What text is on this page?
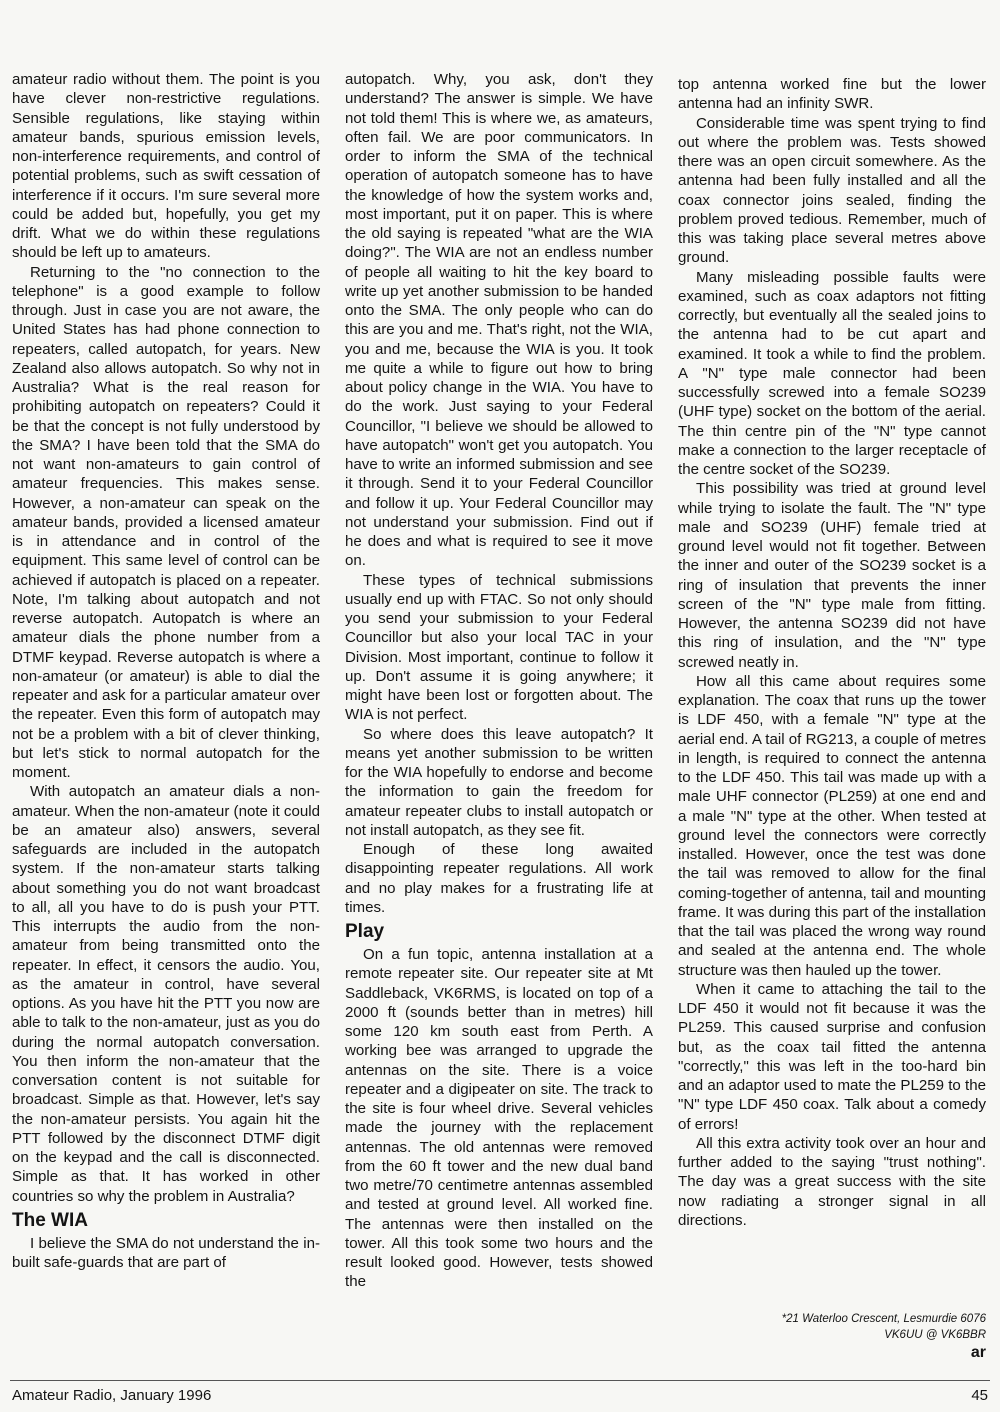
amateur radio without them. The point is you have clever non-restrictive regulations. Sensible regulations, like staying within amateur bands, spurious emission levels, non-interference requirements, and control of potential problems, such as swift cessation of interference if it occurs. I'm sure several more could be added but, hopefully, you get my drift. What we do within these regulations should be left up to amateurs.

Returning to the "no connection to the telephone" is a good example to follow through. Just in case you are not aware, the United States has had phone connection to repeaters, called autopatch, for years. New Zealand also allows autopatch. So why not in Australia? What is the real reason for prohibiting autopatch on repeaters? Could it be that the concept is not fully understood by the SMA? I have been told that the SMA do not want non-amateurs to gain control of amateur frequencies. This makes sense. However, a non-amateur can speak on the amateur bands, provided a licensed amateur is in attendance and in control of the equipment. This same level of control can be achieved if autopatch is placed on a repeater. Note, I'm talking about autopatch and not reverse autopatch. Autopatch is where an amateur dials the phone number from a DTMF keypad. Reverse autopatch is where a non-amateur (or amateur) is able to dial the repeater and ask for a particular amateur over the repeater. Even this form of autopatch may not be a problem with a bit of clever thinking, but let's stick to normal autopatch for the moment.

With autopatch an amateur dials a non-amateur. When the non-amateur (note it could be an amateur also) answers, several safeguards are included in the autopatch system. If the non-amateur starts talking about something you do not want broadcast to all, all you have to do is push your PTT. This interrupts the audio from the non-amateur from being transmitted onto the repeater. In effect, it censors the audio. You, as the amateur in control, have several options. As you have hit the PTT you now are able to talk to the non-amateur, just as you do during the normal autopatch conversation. You then inform the non-amateur that the conversation content is not suitable for broadcast. Simple as that. However, let's say the non-amateur persists. You again hit the PTT followed by the disconnect DTMF digit on the keypad and the call is disconnected. Simple as that. It has worked in other countries so why the problem in Australia?

The WIA

I believe the SMA do not understand the in-built safe-guards that are part of

autopatch. Why, you ask, don't they understand? The answer is simple. We have not told them! This is where we, as amateurs, often fail. We are poor communicators. In order to inform the SMA of the technical operation of autopatch someone has to have the knowledge of how the system works and, most important, put it on paper. This is where the old saying is repeated "what are the WIA doing?". The WIA are not an endless number of people all waiting to hit the key board to write up yet another submission to be handed onto the SMA. The only people who can do this are you and me. That's right, not the WIA, you and me, because the WIA is you. It took me quite a while to figure out how to bring about policy change in the WIA. You have to do the work. Just saying to your Federal Councillor, "I believe we should be allowed to have autopatch" won't get you autopatch. You have to write an informed submission and see it through. Send it to your Federal Councillor and follow it up. Your Federal Councillor may not understand your submission. Find out if he does and what is required to see it move on.

These types of technical submissions usually end up with FTAC. So not only should you send your submission to your Federal Councillor but also your local TAC in your Division. Most important, continue to follow it up. Don't assume it is going anywhere; it might have been lost or forgotten about. The WIA is not perfect.

So where does this leave autopatch? It means yet another submission to be written for the WIA hopefully to endorse and become the information to gain the freedom for amateur repeater clubs to install autopatch or not install autopatch, as they see fit.

Enough of these long awaited disappointing repeater regulations. All work and no play makes for a frustrating life at times.

Play

On a fun topic, antenna installation at a remote repeater site. Our repeater site at Mt Saddleback, VK6RMS, is located on top of a 2000 ft (sounds better than in metres) hill some 120 km south east from Perth. A working bee was arranged to upgrade the antennas on the site. There is a voice repeater and a digipeater on site. The track to the site is four wheel drive. Several vehicles made the journey with the replacement antennas. The old antennas were removed from the 60 ft tower and the new dual band two metre/70 centimetre antennas assembled and tested at ground level. All worked fine. The antennas were then installed on the tower. All this took some two hours and the result looked good. However, tests showed the

top antenna worked fine but the lower antenna had an infinity SWR.

Considerable time was spent trying to find out where the problem was. Tests showed there was an open circuit somewhere. As the antenna had been fully installed and all the coax connector joins sealed, finding the problem proved tedious. Remember, much of this was taking place several metres above ground.

Many misleading possible faults were examined, such as coax adaptors not fitting correctly, but eventually all the sealed joins to the antenna had to be cut apart and examined. It took a while to find the problem. A "N" type male connector had been successfully screwed into a female SO239 (UHF type) socket on the bottom of the aerial. The thin centre pin of the "N" type cannot make a connection to the larger receptacle of the centre socket of the SO239.

This possibility was tried at ground level while trying to isolate the fault. The "N" type male and SO239 (UHF) female tried at ground level would not fit together. Between the inner and outer of the SO239 socket is a ring of insulation that prevents the inner screen of the "N" type male from fitting. However, the antenna SO239 did not have this ring of insulation, and the "N" type screwed neatly in.

How all this came about requires some explanation. The coax that runs up the tower is LDF 450, with a female "N" type at the aerial end. A tail of RG213, a couple of metres in length, is required to connect the antenna to the LDF 450. This tail was made up with a male UHF connector (PL259) at one end and a male "N" type at the other. When tested at ground level the connectors were correctly installed. However, once the test was done the tail was removed to allow for the final coming-together of antenna, tail and mounting frame. It was during this part of the installation that the tail was placed the wrong way round and sealed at the antenna end. The whole structure was then hauled up the tower.

When it came to attaching the tail to the LDF 450 it would not fit because it was the PL259. This caused surprise and confusion but, as the coax tail fitted the antenna "correctly," this was left in the too-hard bin and an adaptor used to mate the PL259 to the "N" type LDF 450 coax. Talk about a comedy of errors!

All this extra activity took over an hour and further added to the saying "trust nothing". The day was a great success with the site now radiating a stronger signal in all directions.

*21 Waterloo Crescent, Lesmurdie 6076
VK6UU @ VK6BBR
ar
Amateur Radio, January 1996	45
